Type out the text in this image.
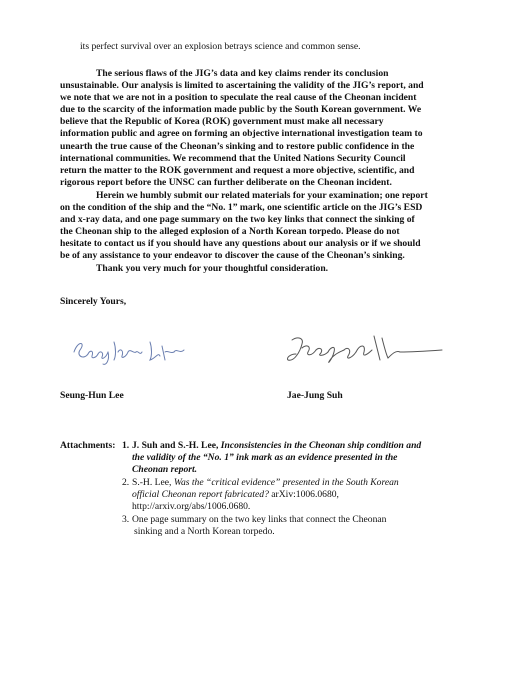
its perfect survival over an explosion betrays science and common sense.

The serious flaws of the JIG’s data and key claims render its conclusion
unsustainable. Our analysis is limited to ascertaining the validity of the JIG’s report, and
we note that we are not in a position to speculate the real cause of the Cheonan incident
due to the scarcity of the information made public by the South Korean government. We
believe that the Republic of Korea (ROK) government must make all necessary
information public and agree on forming an objective international investigation team to
unearth the true cause of the Cheonan’s sinking and to restore public confidence in the
international communities. We recommend that the United Nations Security Council
return the matter to the ROK government and request a more objective, scientific, and
rigorous report before the UNSC can further deliberate on the Cheonan incident.
Herein we humbly submit our related materials for your examination; one report
on the condition of the ship and the “No. 1” mark, one scientific article on the JIG’s ESD
and x-ray data, and one page summary on the two key links that connect the sinking of
the Cheonan ship to the alleged explosion of a North Korean torpedo. Please do not
hesitate to contact us if you should have any questions about our analysis or if we should
be of any assistance to your endeavor to discover the cause of the Cheonan’s sinking.

Thank you very much for your thoughtful consideration.

Sincerely Yours,

Seung-Hun Lee	Jae-Jung Suh

Attachments: 1. J. Suh and S.-H. Lee, Inconsistencies in the Cheonan ship condition and
the validity of the “No. 1” ink mark as an evidence presented in the
Cheonan report.
2. S.-H. Lee, Was the “critical evidence” presented in the South Korean
official Cheonan report fabricated? arXiv:1006.0680,
http://arxiv.org/abs/1006.0680.
3. One page summary on the two key links that connect the Cheonan
sinking and a North Korean torpedo.
